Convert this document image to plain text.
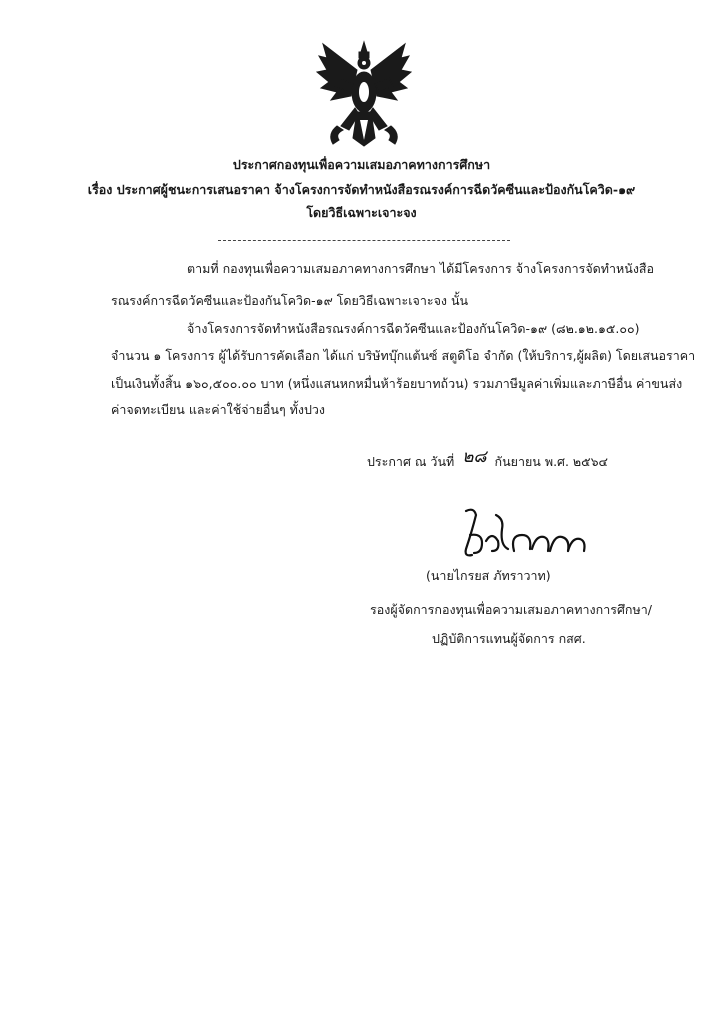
ประกาศกองทุนเพื่อความเสมอภาคทางการศึกษา
เรื่อง ประกาศผู้ชนะการเสนอราคา จ้างโครงการจัดทำหนังสือรณรงค์การฉีดวัคซีนและป้องกันโควิด-๑๙
โดยวิธีเฉพาะเจาะจง
ตามที่ กองทุนเพื่อความเสมอภาคทางการศึกษา ได้มีโครงการ จ้างโครงการจัดทำหนังสือ
รณรงค์การฉีดวัคซีนและป้องกันโควิด-๑๙ โดยวิธีเฉพาะเจาะจง นั้น
จ้างโครงการจัดทำหนังสือรณรงค์การฉีดวัคซีนและป้องกันโควิด-๑๙ (๘๒.๑๒.๑๕.๐๐)
จำนวน ๑ โครงการ ผู้ได้รับการคัดเลือก ได้แก่ บริษัทบุ๊กแต้นซ์ สตูดิโอ จำกัด (ให้บริการ,ผู้ผลิต) โดยเสนอราคา
เป็นเงินทั้งสิ้น ๑๖๐,๕๐๐.๐๐ บาท (หนึ่งแสนหกหมื่นห้าร้อยบาทถ้วน) รวมภาษีมูลค่าเพิ่มและภาษีอื่น ค่าขนส่ง
ค่าจดทะเบียน และค่าใช้จ่ายอื่นๆ ทั้งปวง
ประกาศ ณ วันที่ ๒๘ กันยายน พ.ศ. ๒๕๖๔
(นายไกรยส ภัทราวาท)
รองผู้จัดการกองทุนเพื่อความเสมอภาคทางการศึกษา/
ปฏิบัติการแทนผู้จัดการ กสศ.
